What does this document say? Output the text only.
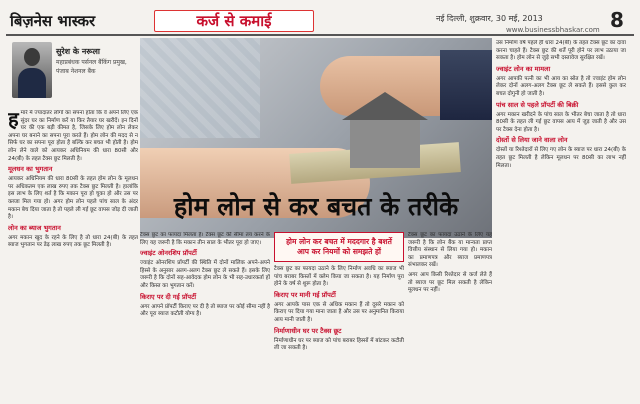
बिज़नेस भास्कर	कर्ज से कमाई	नई दिल्ली, शुक्रवार, 30 मई, 2013
www.businessbhaskar.com 8
सुरेश के नरूला
महाप्रबंधक पर्सनल बैंकिंग प्रमुख, पंजाब नेशनल बैंक
होम लोन से कर बचत के तरीके

हमारे में ज्यादातर लोगों का सपना होता कि वे अपने लिए एक सुंदर घर का निर्माण करें या किर तैयार घर खरीदें। इन दिनों घर की एक बड़ी कीमत है, जिसके लिए होम लोन लेकर अपना घर बनाने का सपना पूरा करते हैं। होम लोन की मदद से न सिर्फ घर का सपना पूरा होता है बल्कि कर बचत भी होती है। होम लोन लेने वाले को आयकर अधिनियम की धारा 80सी और 24(बी) के तहत टैक्स छूट मिलती है।

मूलधन का भुगतान

आयकर अधिनियम की धारा 80सी के तहत होम लोन के मूलधन पर अधिकतम एक लाख रुपए तक टैक्स छूट मिलती है। हालांकि इस लाभ के लिए शर्त है कि मकान पूरा हो चुका हो और उस पर कब्जा मिल गया हो। अगर होम लोन पहले पांच साल के अंदर मकान बेच दिया जाता है तो पहले ली गई छूट वापस जोड़ दी जाती है।

लोन का ब्याज भुगतान

अगर मकान खुद के रहने के लिए है तो धारा 24(बी) के तहत ब्याज भुगतान पर डेढ़ लाख रुपए तक छूट मिलती है।

टैक्स छूट का फायदा मिलता है। टैक्स छूट की सीमा तय करने के लिए यह जरूरी है कि मकान तीन साल के भीतर पूरा हो जाए।

ज्वाइंट ओनरशिप प्रॉपर्टी

ज्वाइंट ओनरशिप प्रॉपर्टी की स्थिति में दोनों मालिक अपने-अपने हिस्से के अनुसार अलग-अलग टैक्स छूट ले सकते हैं। इसके लिए जरूरी है कि दोनों सह-आवेदक होम लोन के भी सह-उधारकर्ता हों और किस्त का भुगतान करें।

किराए पर दी गई प्रॉपर्टी

अगर आपने प्रॉपर्टी किराए पर दी है तो ब्याज पर कोई सीमा नहीं है और पूरा ब्याज कटौती योग्य है।

होम लोन कर बचत में मददगार है बशर्ते आप कर नियमों को समझते हों

टैक्स छूट का फायदा उठाने के लिए निर्माण अवधि का ब्याज भी पांच बराबर किस्तों में क्लेम किया जा सकता है। यह निर्माण पूरा होने के वर्ष से शुरू होता है।

किराए पर मानी गई प्रॉपर्टी

अगर आपके पास एक से अधिक मकान हैं तो दूसरे मकान को किराए पर दिया गया माना जाता है और उस पर अनुमानित किराया आय मानी जाती है।

निर्माणाधीन घर पर टैक्स छूट

निर्माणाधीन घर पर ब्याज को पांच बराबर हिस्सों में बांटकर कटौती ली जा सकती है।

टैक्स छूट का फायदा उठाने के लिए यह जरूरी है कि लोन बैंक या मान्यता प्राप्त वित्तीय संस्थान से लिया गया हो। मकान का प्रमाणपत्र और ब्याज प्रमाणपत्र संभालकर रखें।

अगर आप किसी रिश्तेदार से कर्ज लेते हैं तो ब्याज पर छूट मिल सकती है लेकिन मूलधन पर नहीं।

उस निर्माण वर्ष पहले ही धारा 24(बी) के तहत टैक्स छूट का दावा करना चाहते हैं। टैक्स छूट की शर्तें पूरी होने पर लाभ उठाया जा सकता है। होम लोन से जुड़े सभी दस्तावेज सुरक्षित रखें।

ज्वाइंट लोन का मामला

अगर आपकी पत्नी का भी आय का स्रोत है तो ज्वाइंट होम लोन लेकर दोनों अलग-अलग टैक्स छूट ले सकते हैं। इससे कुल कर बचत दोगुनी हो जाती है।

पांच साल से पहले प्रॉपर्टी की बिक्री

अगर मकान खरीदने के पांच साल के भीतर बेचा जाता है तो धारा 80सी के तहत ली गई छूट वापस आय में जुड़ जाती है और उस पर टैक्स देना होता है।

दोस्तों से लिया जाने वाला लोन

दोस्तों या रिश्तेदारों से लिए गए लोन के ब्याज पर धारा 24(बी) के तहत छूट मिलती है लेकिन मूलधन पर 80सी का लाभ नहीं मिलता।
